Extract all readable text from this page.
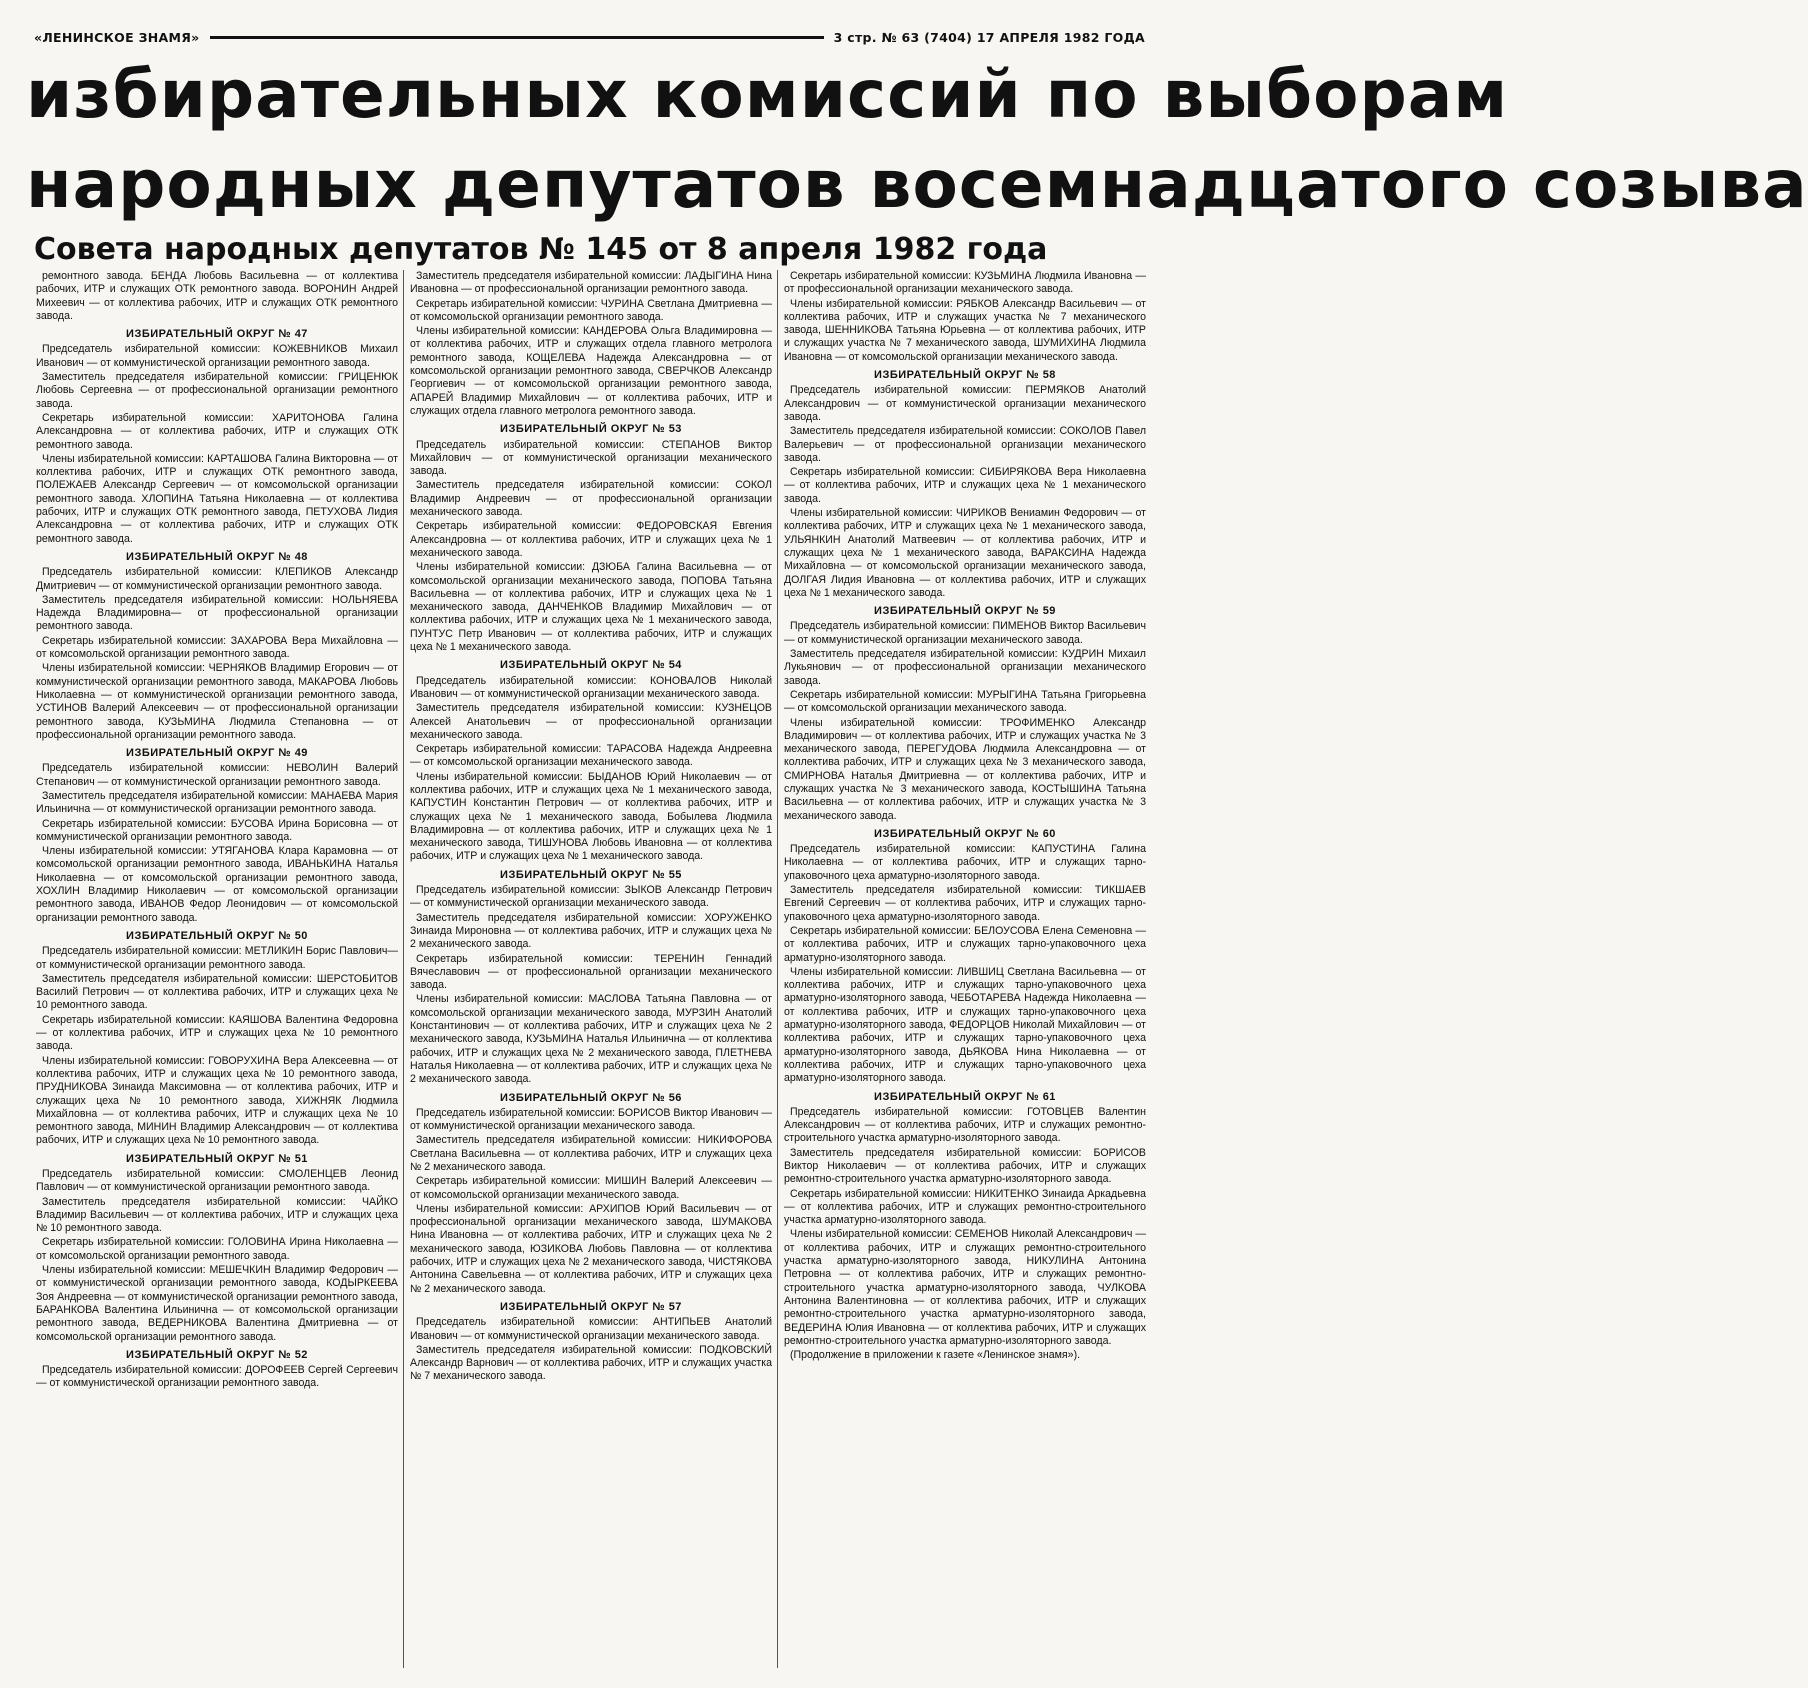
«ЛЕНИНСКОЕ ЗНАМЯ»	3 стр. № 63 (7404) 17 АПРЕЛЯ 1982 ГОДА
избирательных комиссий по выборам
народных депутатов восемнадцатого созыва
Совета народных депутатов № 145 от 8 апреля 1982 года

ремонтного завода. БЕНДА Любовь Васильевна — от коллектива рабочих, ИТР и служащих ОТК ремонтного завода. ВОРОНИН Андрей Михеевич — от коллектива рабочих, ИТР и служащих ОТК ремонтного завода.

ИЗБИРАТЕЛЬНЫЙ ОКРУГ № 47

Председатель избирательной комиссии: КОЖЕВНИКОВ Михаил Иванович — от коммунистической организации ремонтного завода.

Заместитель председателя избирательной комиссии: ГРИЦЕНЮК Любовь Сергеевна — от профессиональной организации ремонтного завода.

Секретарь избирательной комиссии: ХАРИТОНОВА Галина Александровна — от коллектива рабочих, ИТР и служащих ОТК ремонтного завода.

Члены избирательной комиссии: КАРТАШОВА Галина Викторовна — от коллектива рабочих, ИТР и служащих ОТК ремонтного завода, ПОЛЕЖАЕВ Александр Сергеевич — от комсомольской организации ремонтного завода. ХЛОПИНА Татьяна Николаевна — от коллектива рабочих, ИТР и служащих ОТК ремонтного завода, ПЕТУХОВА Лидия Александровна — от коллектива рабочих, ИТР и служащих ОТК ремонтного завода.

ИЗБИРАТЕЛЬНЫЙ ОКРУГ № 48

Председатель избирательной комиссии: КЛЕПИКОВ Александр Дмитриевич — от коммунистической организации ремонтного завода.

Заместитель председателя избирательной комиссии: НОЛЬНЯЕВА Надежда Владимировна— от профессиональной организации ремонтного завода.

Секретарь избирательной комиссии: ЗАХАРОВА Вера Михайловна — от комсомольской организации ремонтного завода.

Члены избирательной комиссии: ЧЕРНЯКОВ Владимир Егорович — от коммунистической организации ремонтного завода, МАКАРОВА Любовь Николаевна — от коммунистической организации ремонтного завода, УСТИНОВ Валерий Алексеевич — от профессиональной организации ремонтного завода, КУЗЬМИНА Людмила Степановна — от профессиональной организации ремонтного завода.

ИЗБИРАТЕЛЬНЫЙ ОКРУГ № 49

Председатель избирательной комиссии: НЕВОЛИН Валерий Степанович — от коммунистической организации ремонтного завода.

Заместитель председателя избирательной комиссии: МАНАЕВА Мария Ильинична — от коммунистической организации ремонтного завода.

Секретарь избирательной комиссии: БУСОВА Ирина Борисовна — от коммунистической организации ремонтного завода.

Члены избирательной комиссии: УТЯГАНОВА Клара Карамовна — от комсомольской организации ремонтного завода, ИВАНЬКИНА Наталья Николаевна — от комсомольской организации ремонтного завода, ХОХЛИН Владимир Николаевич — от комсомольской организации ремонтного завода, ИВАНОВ Федор Леонидович — от комсомольской организации ремонтного завода.

ИЗБИРАТЕЛЬНЫЙ ОКРУГ № 50

Председатель избирательной комиссии: МЕТЛИКИН Борис Павлович— от коммунистической организации ремонтного завода.

Заместитель председателя избирательной комиссии: ШЕРСТОБИТОВ Василий Петрович — от коллектива рабочих, ИТР и служащих цеха № 10 ремонтного завода.

Секретарь избирательной комиссии: КАЯШОВА Валентина Федоровна — от коллектива рабочих, ИТР и служащих цеха № 10 ремонтного завода.

Члены избирательной комиссии: ГОВОРУХИНА Вера Алексеевна — от коллектива рабочих, ИТР и служащих цеха № 10 ремонтного завода, ПРУДНИКОВА Зинаида Максимовна — от коллектива рабочих, ИТР и служащих цеха № 10 ремонтного завода, ХИЖНЯК Людмила Михайловна — от коллектива рабочих, ИТР и служащих цеха № 10 ремонтного завода, МИНИН Владимир Александрович — от коллектива рабочих, ИТР и служащих цеха № 10 ремонтного завода.

ИЗБИРАТЕЛЬНЫЙ ОКРУГ № 51

Председатель избирательной комиссии: СМОЛЕНЦЕВ Леонид Павлович — от коммунистической организации ремонтного завода.

Заместитель председателя избирательной комиссии: ЧАЙКО Владимир Васильевич — от коллектива рабочих, ИТР и служащих цеха № 10 ремонтного завода.

Секретарь избирательной комиссии: ГОЛОВИНА Ирина Николаевна — от комсомольской организации ремонтного завода.

Члены избирательной комиссии: МЕШЕЧКИН Владимир Федорович — от коммунистической организации ремонтного завода, КОДЫРКЕЕВА Зоя Андреевна — от коммунистической организации ремонтного завода, БАРАНКОВА Валентина Ильинична — от комсомольской организации ремонтного завода, ВЕДЕРНИКОВА Валентина Дмитриевна — от комсомольской организации ремонтного завода.

ИЗБИРАТЕЛЬНЫЙ ОКРУГ № 52

Председатель избирательной комиссии: ДОРОФЕЕВ Сергей Сергеевич — от коммунистической организации ремонтного завода.

Заместитель председателя избирательной комиссии: ЛАДЫГИНА Нина Ивановна — от профессиональной организации ремонтного завода.

Секретарь избирательной комиссии: ЧУРИНА Светлана Дмитриевна — от комсомольской организации ремонтного завода.

Члены избирательной комиссии: КАНДЕРОВА Ольга Владимировна — от коллектива рабочих, ИТР и служащих отдела главного метролога ремонтного завода, КОЩЕЛЕВА Надежда Александровна — от комсомольской организации ремонтного завода, СВЕРЧКОВ Александр Георгиевич — от комсомольской организации ремонтного завода, АПАРЕЙ Владимир Михайлович — от коллектива рабочих, ИТР и служащих отдела главного метролога ремонтного завода.

ИЗБИРАТЕЛЬНЫЙ ОКРУГ № 53

Председатель избирательной комиссии: СТЕПАНОВ Виктор Михайлович — от коммунистической организации механического завода.

Заместитель председателя избирательной комиссии: СОКОЛ Владимир Андреевич — от профессиональной организации механического завода.

Секретарь избирательной комиссии: ФЕДОРОВСКАЯ Евгения Александровна — от коллектива рабочих, ИТР и служащих цеха № 1 механического завода.

Члены избирательной комиссии: ДЗЮБА Галина Васильевна — от комсомольской организации механического завода, ПОПОВА Татьяна Васильевна — от коллектива рабочих, ИТР и служащих цеха № 1 механического завода, ДАНЧЕНКОВ Владимир Михайлович — от коллектива рабочих, ИТР и служащих цеха № 1 механического завода, ПУНТУС Петр Иванович — от коллектива рабочих, ИТР и служащих цеха № 1 механического завода.

ИЗБИРАТЕЛЬНЫЙ ОКРУГ № 54

Председатель избирательной комиссии: КОНОВАЛОВ Николай Иванович — от коммунистической организации механического завода.

Заместитель председателя избирательной комиссии: КУЗНЕЦОВ Алексей Анатольевич — от профессиональной организации механического завода.

Секретарь избирательной комиссии: ТАРАСОВА Надежда Андреевна — от комсомольской организации механического завода.

Члены избирательной комиссии: БЫДАНОВ Юрий Николаевич — от коллектива рабочих, ИТР и служащих цеха № 1 механического завода, КАПУСТИН Константин Петрович — от коллектива рабочих, ИТР и служащих цеха № 1 механического завода, Бобылева Людмила Владимировна — от коллектива рабочих, ИТР и служащих цеха № 1 механического завода, ТИШУНОВА Любовь Ивановна — от коллектива рабочих, ИТР и служащих цеха № 1 механического завода.

ИЗБИРАТЕЛЬНЫЙ ОКРУГ № 55

Председатель избирательной комиссии: ЗЫКОВ Александр Петрович — от коммунистической организации механического завода.

Заместитель председателя избирательной комиссии: ХОРУЖЕНКО Зинаида Мироновна — от коллектива рабочих, ИТР и служащих цеха № 2 механического завода.

Секретарь избирательной комиссии: ТЕРЕНИН Геннадий Вячеславович — от профессиональной организации механического завода.

Члены избирательной комиссии: МАСЛОВА Татьяна Павловна — от комсомольской организации механического завода, МУРЗИН Анатолий Константинович — от коллектива рабочих, ИТР и служащих цеха № 2 механического завода, КУЗЬМИНА Наталья Ильинична — от коллектива рабочих, ИТР и служащих цеха № 2 механического завода, ПЛЕТНЕВА Наталья Николаевна — от коллектива рабочих, ИТР и служащих цеха № 2 механического завода.

ИЗБИРАТЕЛЬНЫЙ ОКРУГ № 56

Председатель избирательной комиссии: БОРИСОВ Виктор Иванович — от коммунистической организации механического завода.

Заместитель председателя избирательной комиссии: НИКИФОРОВА Светлана Васильевна — от коллектива рабочих, ИТР и служащих цеха № 2 механического завода.

Секретарь избирательной комиссии: МИШИН Валерий Алексеевич — от комсомольской организации механического завода.

Члены избирательной комиссии: АРХИПОВ Юрий Васильевич — от профессиональной организации механического завода, ШУМАКОВА Нина Ивановна — от коллектива рабочих, ИТР и служащих цеха № 2 механического завода, ЮЗИКОВА Любовь Павловна — от коллектива рабочих, ИТР и служащих цеха № 2 механического завода, ЧИСТЯКОВА Антонина Савельевна — от коллектива рабочих, ИТР и служащих цеха № 2 механического завода.

ИЗБИРАТЕЛЬНЫЙ ОКРУГ № 57

Председатель избирательной комиссии: АНТИПЬЕВ Анатолий Иванович — от коммунистической организации механического завода.

Заместитель председателя избирательной комиссии: ПОДКОВСКИЙ Александр Варнович — от коллектива рабочих, ИТР и служащих участка № 7 механического завода.

Секретарь избирательной комиссии: КУЗЬМИНА Людмила Ивановна — от профессиональной организации механического завода.

Члены избирательной комиссии: РЯБКОВ Александр Васильевич — от коллектива рабочих, ИТР и служащих участка № 7 механического завода, ШЕННИКОВА Татьяна Юрьевна — от коллектива рабочих, ИТР и служащих участка № 7 механического завода, ШУМИХИНА Людмила Ивановна — от комсомольской организации механического завода.

ИЗБИРАТЕЛЬНЫЙ ОКРУГ № 58

Председатель избирательной комиссии: ПЕРМЯКОВ Анатолий Александрович — от коммунистической организации механического завода.

Заместитель председателя избирательной комиссии: СОКОЛОВ Павел Валерьевич — от профессиональной организации механического завода.

Секретарь избирательной комиссии: СИБИРЯКОВА Вера Николаевна — от коллектива рабочих, ИТР и служащих цеха № 1 механического завода.

Члены избирательной комиссии: ЧИРИКОВ Вениамин Федорович — от коллектива рабочих, ИТР и служащих цеха № 1 механического завода, УЛЬЯНКИН Анатолий Матвеевич — от коллектива рабочих, ИТР и служащих цеха № 1 механического завода, ВАРАКСИНА Надежда Михайловна — от комсомольской организации механического завода, ДОЛГАЯ Лидия Ивановна — от коллектива рабочих, ИТР и служащих цеха № 1 механического завода.

ИЗБИРАТЕЛЬНЫЙ ОКРУГ № 59

Председатель избирательной комиссии: ПИМЕНОВ Виктор Васильевич — от коммунистической организации механического завода.

Заместитель председателя избирательной комиссии: КУДРИН Михаил Лукьянович — от профессиональной организации механического завода.

Секретарь избирательной комиссии: МУРЫГИНА Татьяна Григорьевна — от комсомольской организации механического завода.

Члены избирательной комиссии: ТРОФИМЕНКО Александр Владимирович — от коллектива рабочих, ИТР и служащих участка № 3 механического завода, ПЕРЕГУДОВА Людмила Александровна — от коллектива рабочих, ИТР и служащих цеха № 3 механического завода, СМИРНОВА Наталья Дмитриевна — от коллектива рабочих, ИТР и служащих участка № 3 механического завода, КОСТЫШИНА Татьяна Васильевна — от коллектива рабочих, ИТР и служащих участка № 3 механического завода.

ИЗБИРАТЕЛЬНЫЙ ОКРУГ № 60

Председатель избирательной комиссии: КАПУСТИНА Галина Николаевна — от коллектива рабочих, ИТР и служащих тарно-упаковочного цеха арматурно-изоляторного завода.

Заместитель председателя избирательной комиссии: ТИКШАЕВ Евгений Сергеевич — от коллектива рабочих, ИТР и служащих тарно-упаковочного цеха арматурно-изоляторного завода.

Секретарь избирательной комиссии: БЕЛОУСОВА Елена Семеновна — от коллектива рабочих, ИТР и служащих тарно-упаковочного цеха арматурно-изоляторного завода.

Члены избирательной комиссии: ЛИВШИЦ Светлана Васильевна — от коллектива рабочих, ИТР и служащих тарно-упаковочного цеха арматурно-изоляторного завода, ЧЕБОТАРЕВА Надежда Николаевна — от коллектива рабочих, ИТР и служащих тарно-упаковочного цеха арматурно-изоляторного завода, ФЕДОРЦОВ Николай Михайлович — от коллектива рабочих, ИТР и служащих тарно-упаковочного цеха арматурно-изоляторного завода, ДЬЯКОВА Нина Николаевна — от коллектива рабочих, ИТР и служащих тарно-упаковочного цеха арматурно-изоляторного завода.

ИЗБИРАТЕЛЬНЫЙ ОКРУГ № 61

Председатель избирательной комиссии: ГОТОВЦЕВ Валентин Александрович — от коллектива рабочих, ИТР и служащих ремонтно-строительного участка арматурно-изоляторного завода.

Заместитель председателя избирательной комиссии: БОРИСОВ Виктор Николаевич — от коллектива рабочих, ИТР и служащих ремонтно-строительного участка арматурно-изоляторного завода.

Секретарь избирательной комиссии: НИКИТЕНКО Зинаида Аркадьевна — от коллектива рабочих, ИТР и служащих ремонтно-строительного участка арматурно-изоляторного завода.

Члены избирательной комиссии: СЕМЕНОВ Николай Александрович — от коллектива рабочих, ИТР и служащих ремонтно-строительного участка арматурно-изоляторного завода, НИКУЛИНА Антонина Петровна — от коллектива рабочих, ИТР и служащих ремонтно-строительного участка арматурно-изоляторного завода, ЧУЛКОВА Антонина Валентиновна — от коллектива рабочих, ИТР и служащих ремонтно-строительного участка арматурно-изоляторного завода, ВЕДЕРИНА Юлия Ивановна — от коллектива рабочих, ИТР и служащих ремонтно-строительного участка арматурно-изоляторного завода.

(Продолжение в приложении к газете «Ленинское знамя»).
